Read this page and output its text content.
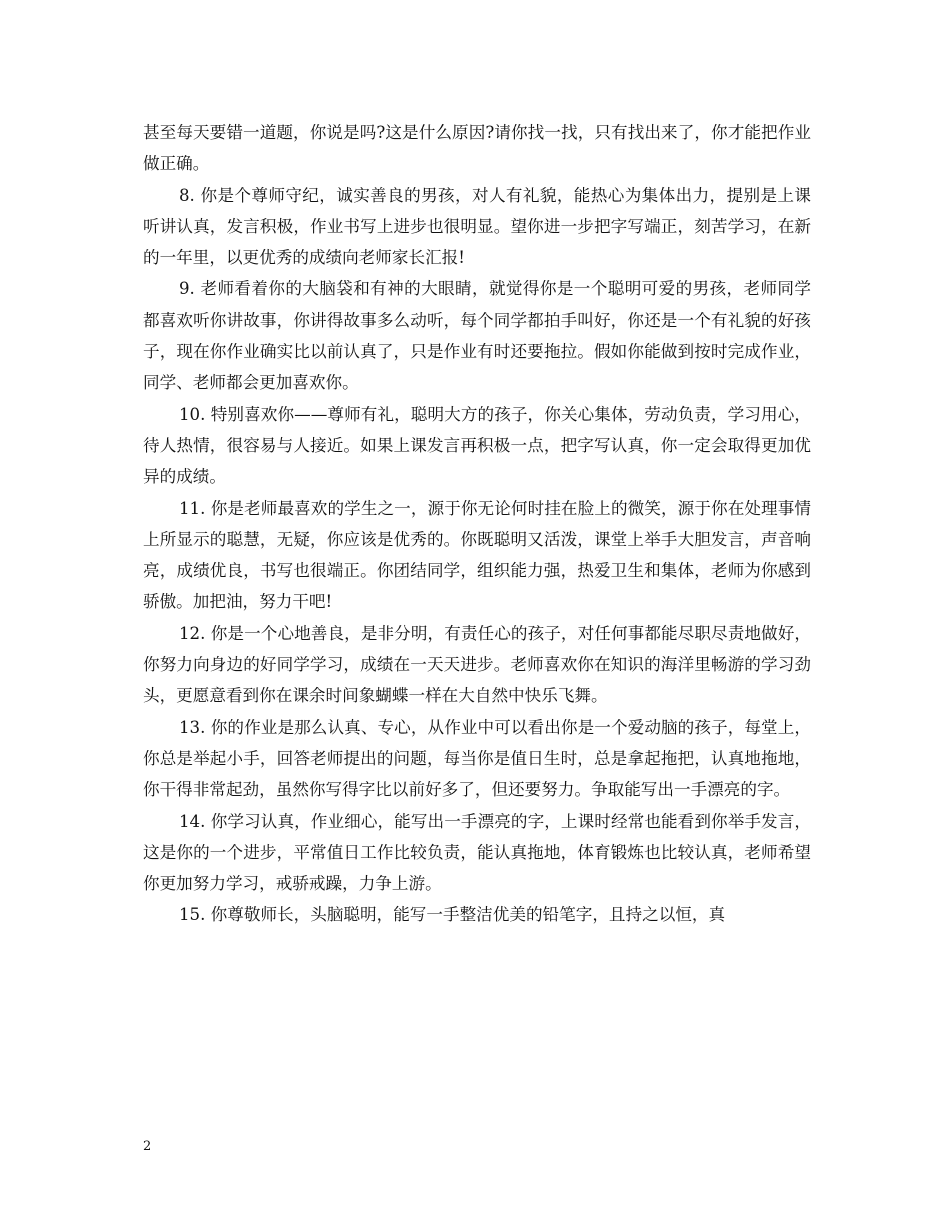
甚至每天要错一道题，你说是吗?这是什么原因?请你找一找，只有找出来了，你才能把作业做正确。

8. 你是个尊师守纪，诚实善良的男孩，对人有礼貌，能热心为集体出力，提别是上课听讲认真，发言积极，作业书写上进步也很明显。望你进一步把字写端正，刻苦学习，在新的一年里，以更优秀的成绩向老师家长汇报!

9. 老师看着你的大脑袋和有神的大眼睛，就觉得你是一个聪明可爱的男孩，老师同学都喜欢听你讲故事，你讲得故事多么动听，每个同学都拍手叫好，你还是一个有礼貌的好孩子，现在你作业确实比以前认真了，只是作业有时还要拖拉。假如你能做到按时完成作业，同学、老师都会更加喜欢你。

10. 特别喜欢你——尊师有礼，聪明大方的孩子，你关心集体，劳动负责，学习用心，待人热情，很容易与人接近。如果上课发言再积极一点，把字写认真，你一定会取得更加优异的成绩。

11. 你是老师最喜欢的学生之一，源于你无论何时挂在脸上的微笑，源于你在处理事情上所显示的聪慧，无疑，你应该是优秀的。你既聪明又活泼，课堂上举手大胆发言，声音响亮，成绩优良，书写也很端正。你团结同学，组织能力强，热爱卫生和集体，老师为你感到骄傲。加把油，努力干吧!

12. 你是一个心地善良，是非分明，有责任心的孩子，对任何事都能尽职尽责地做好，你努力向身边的好同学学习，成绩在一天天进步。老师喜欢你在知识的海洋里畅游的学习劲头，更愿意看到你在课余时间象蝴蝶一样在大自然中快乐飞舞。

13. 你的作业是那么认真、专心，从作业中可以看出你是一个爱动脑的孩子，每堂上，你总是举起小手，回答老师提出的问题，每当你是值日生时，总是拿起拖把，认真地拖地，你干得非常起劲，虽然你写得字比以前好多了，但还要努力。争取能写出一手漂亮的字。

14. 你学习认真，作业细心，能写出一手漂亮的字，上课时经常也能看到你举手发言，这是你的一个进步，平常值日工作比较负责，能认真拖地，体育锻炼也比较认真，老师希望你更加努力学习，戒骄戒躁，力争上游。

15. 你尊敬师长，头脑聪明，能写一手整洁优美的铅笔字，且持之以恒，真

2
